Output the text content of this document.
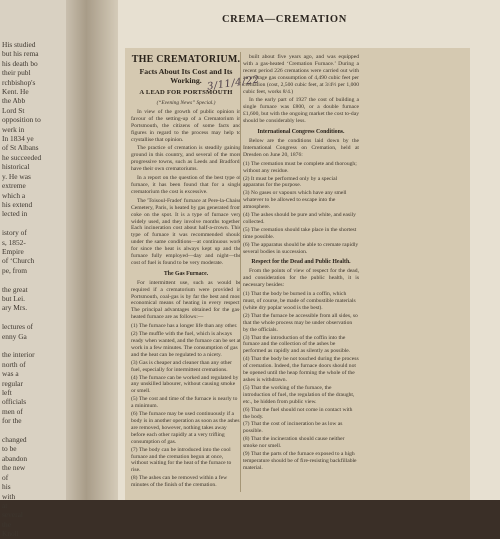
His studied
but his rema
his death bo
their publ
rchbishop's
Kent. He
the Abb
Lord St
opposition to
werk in
In 1834 ye
of St Albans
he succeeded
historical
y. He was
extreme
which a
his extend
lected in

istory of
s, 1852-
Empire
of ‘Church
pe, from

the great
but Lei.
ary Mrs.

lectures of
enny Ga

the interior
north of
was a
regular
left
officials
men of
for the

changed
to be
abandon
the new
of
his
with
at
several
the
Knoll
CREMA—CREMATION
THE CREMATORIUM.
Facts About Its Cost and Its Working.
A LEAD FOR PORTSMOUTH
(“Evening News” Special.)

In view of the growth of public opinion in favour of the setting-up of a Crematorium in Portsmouth, the citizens of some facts and figures in regard to the process may help to crystallise that opinion.

The practice of cremation is steadily gaining ground in this country, and several of the more progressive towns, such as Leeds and Bradford, have their own crematoriums.

In a report on the question of the best type of furnace, it has been found that for a single crematorium the cost is excessive.

The 'Toisoul-Fradet' furnace at Pere-la-Chaise Cemetery, Paris, is heated by gas generated from coke on the spot. It is a type of furnace very widely used, and they involve months together. Each incineration cost about half-a-crown. This type of furnace it was recommended should under the same conditions—at continuous work for since the heat is always kept up and the furnace fully employed—day and night—the cost of fuel is found to be very moderate.

The Gas Furnace.

For intermittent use, such as would be required if a crematorium were provided in Portsmouth, coal-gas is by far the best and most economical means of heating in every respect. The principal advantages obtained for the gas-heated furnace are as follows:—

(1) The furnace has a longer life than any other.
(2) The muffle with the fuel, which is always ready when wanted, and the furnace can be set at work in a few minutes. The consumption of gas and the heat can be regulated to a nicety.
(3) Gas is cheaper and cleaner than any other fuel, especially for intermittent cremations.
(4) The furnace can be worked and regulated by any unskilled labourer, without causing smoke or smell.
(5) The cost and time of the furnace is nearly to a minimum.
(6) The furnace may be used continuously if a body is in another operation as soon as the ashes are removed, however, nothing takes away before each other rapidly at a very trifling consumption of gas.
(7) The body can be introduced into the cool furnace and the cremation begun at once, without waiting for the heat of the furnace to rise.
(8) The ashes can be removed within a few minutes of the finish of the cremation.

built about five years ago, and was equipped with a gas-heated ‘Cremation Furnace.’ During a recent period 226 cremations were carried out with an average gas consumption of 4,490 cubic feet per cremation (cost, 2,500 cubic feet, at 3/4½ per 1,000 cubic feet, works 8/4.)

In the early part of 1927 the cost of building a single furnace was £800, or a double furnace £1,600, but with the ongoing market the cost to-day should be considerably less.

International Congress Conditions.

Below are the conditions laid down by the International Congress on Cremation, held at Dresden on June 20, 1876:

(1) The cremation must be complete and thorough; without any residue.
(2) It must be performed only by a special apparatus for the purpose.
(3) No gases or vapours which have any smell whatever to be allowed to escape into the atmosphere.
(4) The ashes should be pure and white, and easily collected.
(5) The cremation should take place in the shortest time possible.
(6) The apparatus should be able to cremate rapidly several bodies in succession.
Respect for the Dead and Public Health.

From the points of view of respect for the dead, and consideration for the public health, it is necessary besides:

(1) That the body be burned in a coffin, which must, of course, be made of combustible materials (white dry poplar wood is the best).
(2) That the furnace be accessible from all sides, so that the whole process may be under observation by the officials.
(3) That the introduction of the coffin into the furnace and the collection of the ashes be performed as rapidly and as silently as possible.
(4) That the body be not touched during the process of cremation. Indeed, the furnace doors should not be opened until the heap forming the whole of the ashes is withdrawn.
(5) That the working of the furnace, the introduction of fuel, the regulation of the draught, etc., be hidden from public view.
(6) That the fuel should not come in contact with the body.
(7) That the cost of incineration be as low as possible.
(8) That the incineration should cause neither smoke nor smell.
(9) That the parts of the furnace exposed to a high temperature should be of fire-resisting backfillable material.
3/11/4/22
